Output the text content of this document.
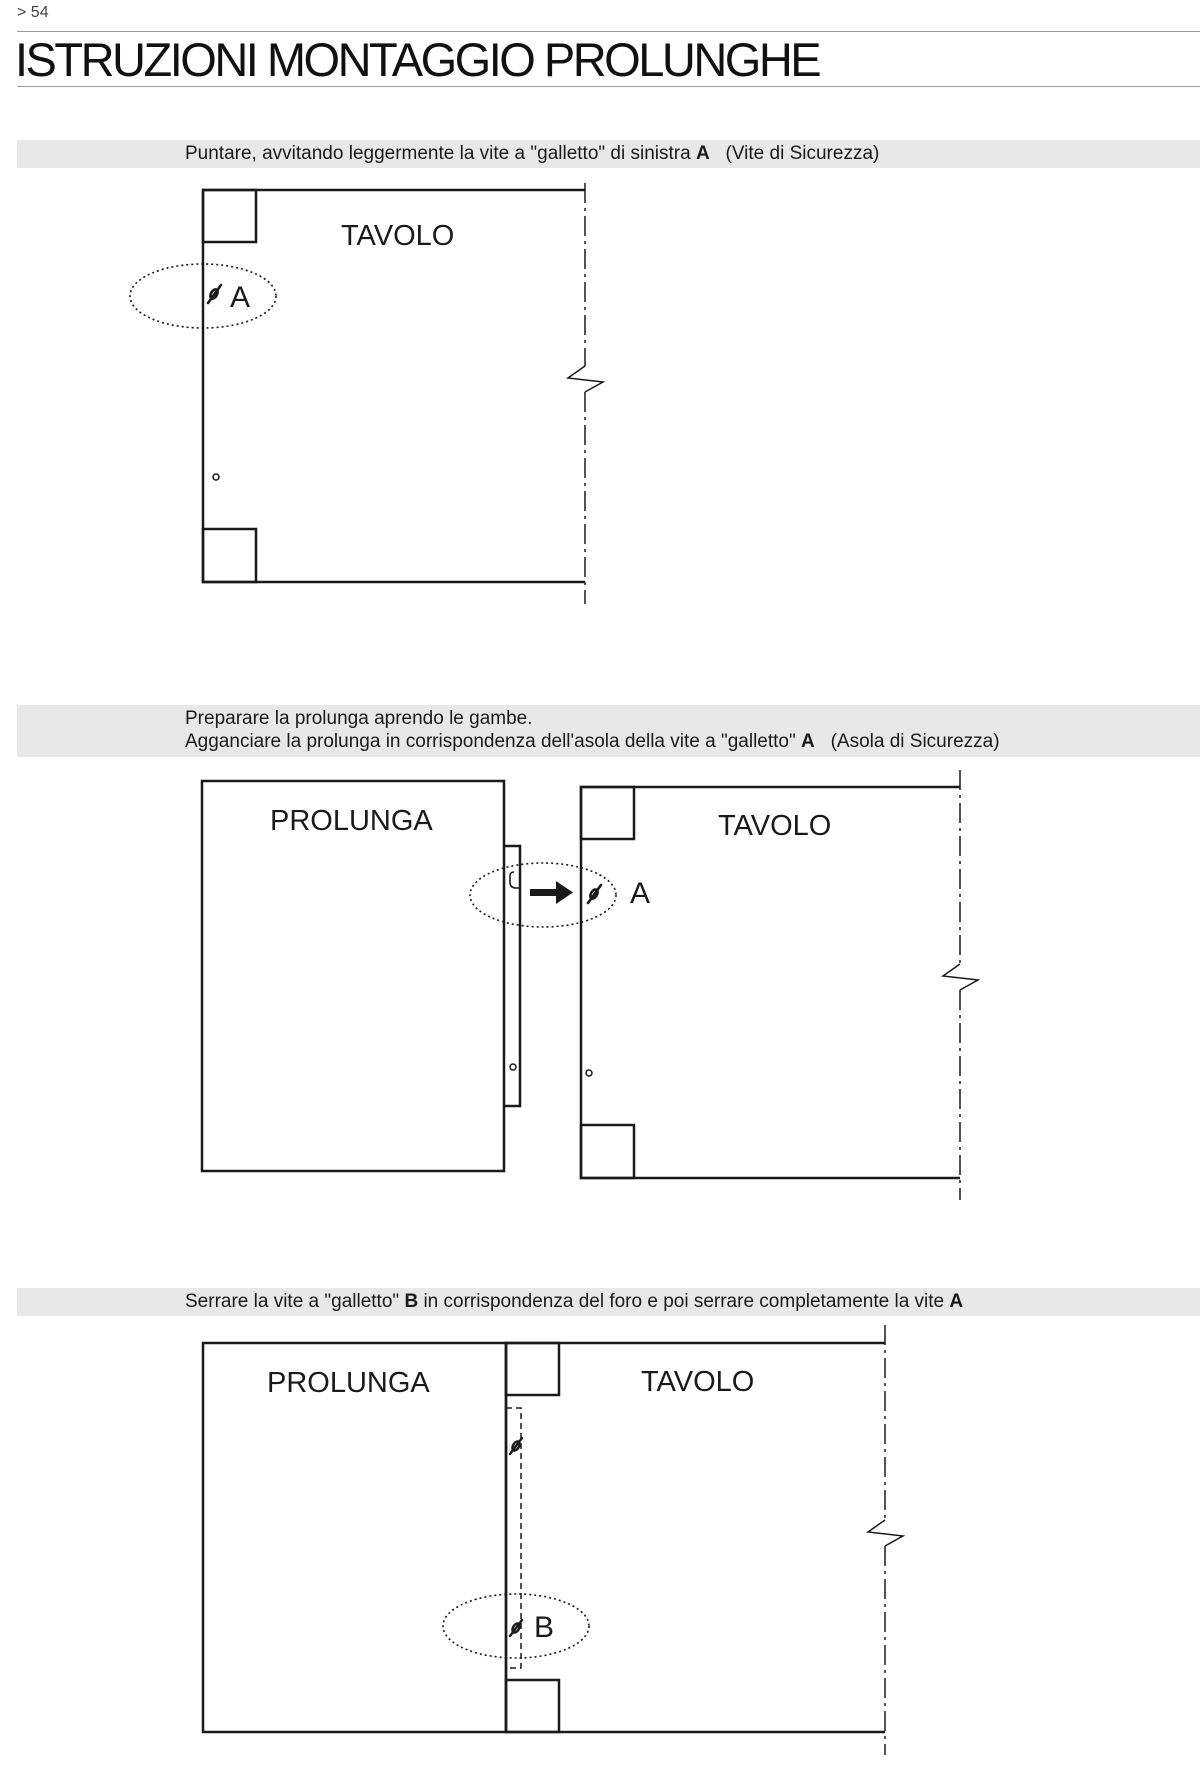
> 54
ISTRUZIONI MONTAGGIO PROLUNGHE
Puntare, avvitando leggermente la vite a "galletto" di sinistra A   (Vite di Sicurezza)
A
TAVOLO
Preparare la prolunga aprendo le gambe.
Agganciare la prolunga in corrispondenza dell'asola della vite a "galletto" A   (Asola di Sicurezza)
A
PROLUNGA	TAVOLO
Serrare la vite a "galletto" B in corrispondenza del foro e poi serrare completamente la vite A
B
PROLUNGA	TAVOLO
